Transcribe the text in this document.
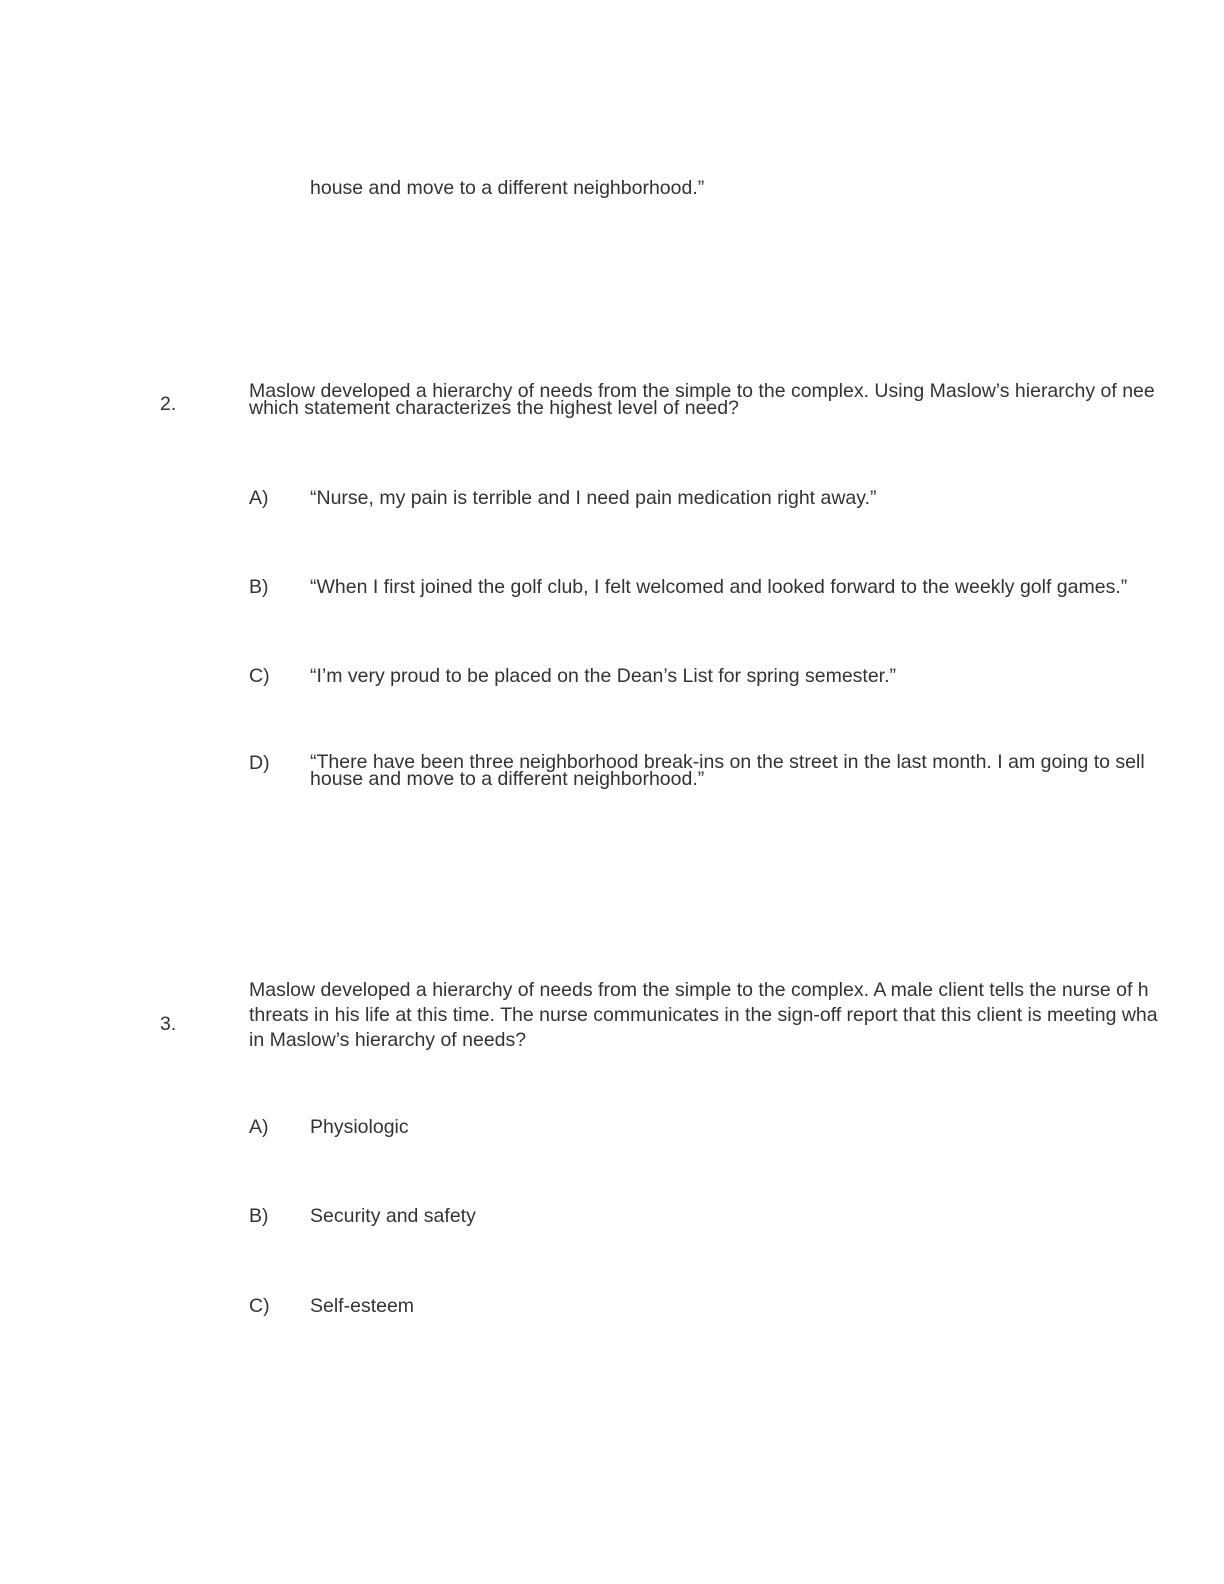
house and move to a different neighborhood.”

2.

Maslow developed a hierarchy of needs from the simple to the complex. Using Maslow’s hierarchy of nee
which statement characterizes the highest level of need?

A) “Nurse, my pain is terrible and I need pain medication right away.”

B) “When I first joined the golf club, I felt welcomed and looked forward to the weekly golf games.”

C) “I’m very proud to be placed on the Dean’s List for spring semester.”

D) “There have been three neighborhood break-ins on the street in the last month. I am going to sell
house and move to a different neighborhood.”

3.

Maslow developed a hierarchy of needs from the simple to the complex. A male client tells the nurse of h
threats in his life at this time. The nurse communicates in the sign-off report that this client is meeting wha
in Maslow’s hierarchy of needs?

A) Physiologic

B) Security and safety

C) Self-esteem
